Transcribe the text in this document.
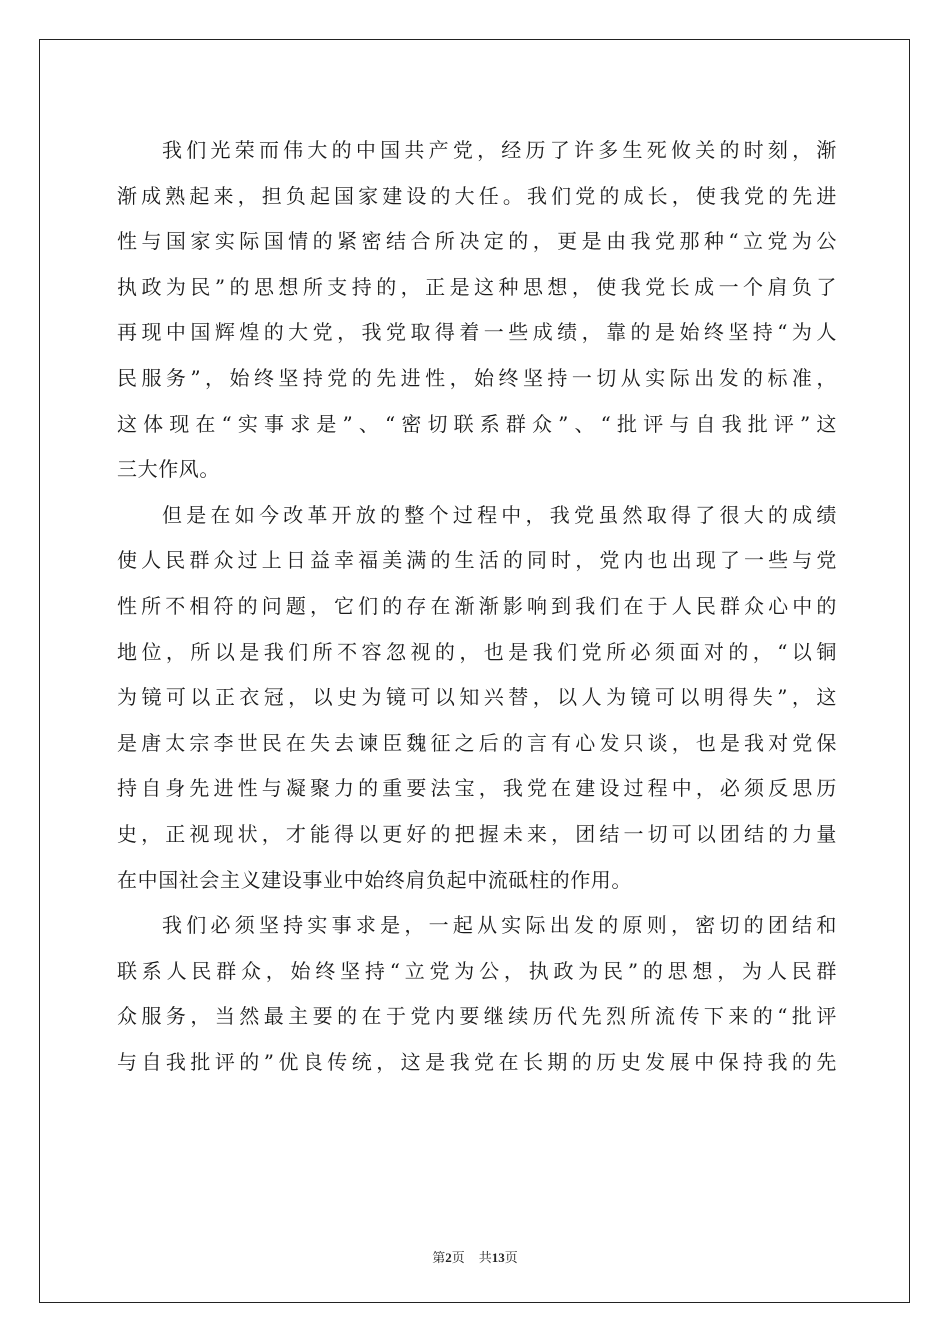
我们光荣而伟大的中国共产党，经历了许多生死攸关的时刻，渐
渐成熟起来，担负起国家建设的大任。我们党的成长，使我党的先进
性与国家实际国情的紧密结合所决定的，更是由我党那种“立党为公
执政为民”的思想所支持的，正是这种思想，使我党长成一个肩负了
再现中国辉煌的大党，我党取得着一些成绩，靠的是始终坚持“为人
民服务”，始终坚持党的先进性，始终坚持一切从实际出发的标准，
这体现在“实事求是”、“密切联系群众”、“批评与自我批评”这
三大作风。
但是在如今改革开放的整个过程中，我党虽然取得了很大的成绩
使人民群众过上日益幸福美满的生活的同时，党内也出现了一些与党
性所不相符的问题，它们的存在渐渐影响到我们在于人民群众心中的
地位，所以是我们所不容忽视的，也是我们党所必须面对的，“以铜
为镜可以正衣冠，以史为镜可以知兴替，以人为镜可以明得失”，这
是唐太宗李世民在失去谏臣魏征之后的言有心发只谈，也是我对党保
持自身先进性与凝聚力的重要法宝，我党在建设过程中，必须反思历
史，正视现状，才能得以更好的把握未来，团结一切可以团结的力量
在中国社会主义建设事业中始终肩负起中流砥柱的作用。
我们必须坚持实事求是，一起从实际出发的原则，密切的团结和
联系人民群众，始终坚持“立党为公，执政为民”的思想，为人民群
众服务，当然最主要的在于党内要继续历代先烈所流传下来的“批评
与自我批评的”优良传统，这是我党在长期的历史发展中保持我的先
第2页 共13页
